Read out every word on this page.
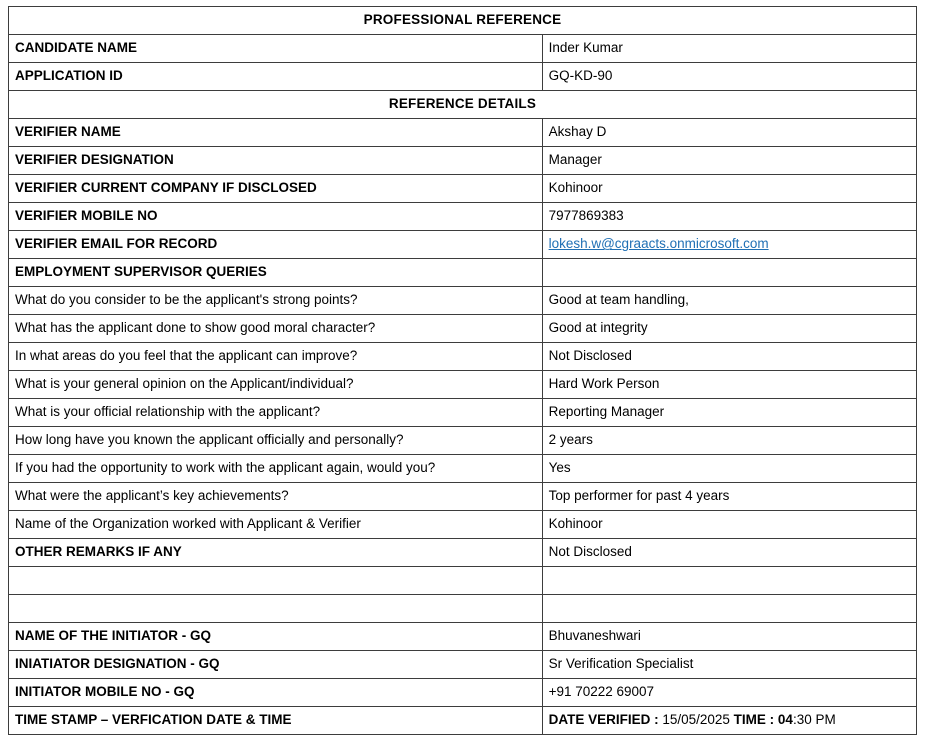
PROFESSIONAL REFERENCE	
CANDIDATE NAME	Inder Kumar
APPLICATION ID	GQ-KD-90
REFERENCE DETAILS	
VERIFIER NAME	Akshay D
VERIFIER DESIGNATION	Manager
VERIFIER CURRENT COMPANY IF DISCLOSED	Kohinoor
VERIFIER MOBILE NO	7977869383
VERIFIER EMAIL FOR RECORD	lokesh.w@cgraacts.onmicrosoft.com
EMPLOYMENT SUPERVISOR QUERIES	
What do you consider to be the applicant's strong points?	Good at team handling,
What has the applicant done to show good moral character?	Good at integrity
In what areas do you feel that the applicant can improve?	Not Disclosed
What is your general opinion on the Applicant/individual?	Hard Work Person
What is your official relationship with the applicant?	Reporting Manager
How long have you known the applicant officially and personally?	2 years
If you had the opportunity to work with the applicant again, would you?	Yes
What were the applicant’s key achievements?	Top performer for past 4 years
Name of the Organization worked with Applicant & Verifier	Kohinoor
OTHER REMARKS IF ANY	Not Disclosed

NAME OF THE INITIATOR - GQ	Bhuvaneshwari
INIATIATOR DESIGNATION - GQ	Sr Verification Specialist
INITIATOR MOBILE NO - GQ	+91 70222 69007
TIME STAMP – VERFICATION DATE & TIME	DATE VERIFIED : 15/05/2025 TIME : 04:30 PM
